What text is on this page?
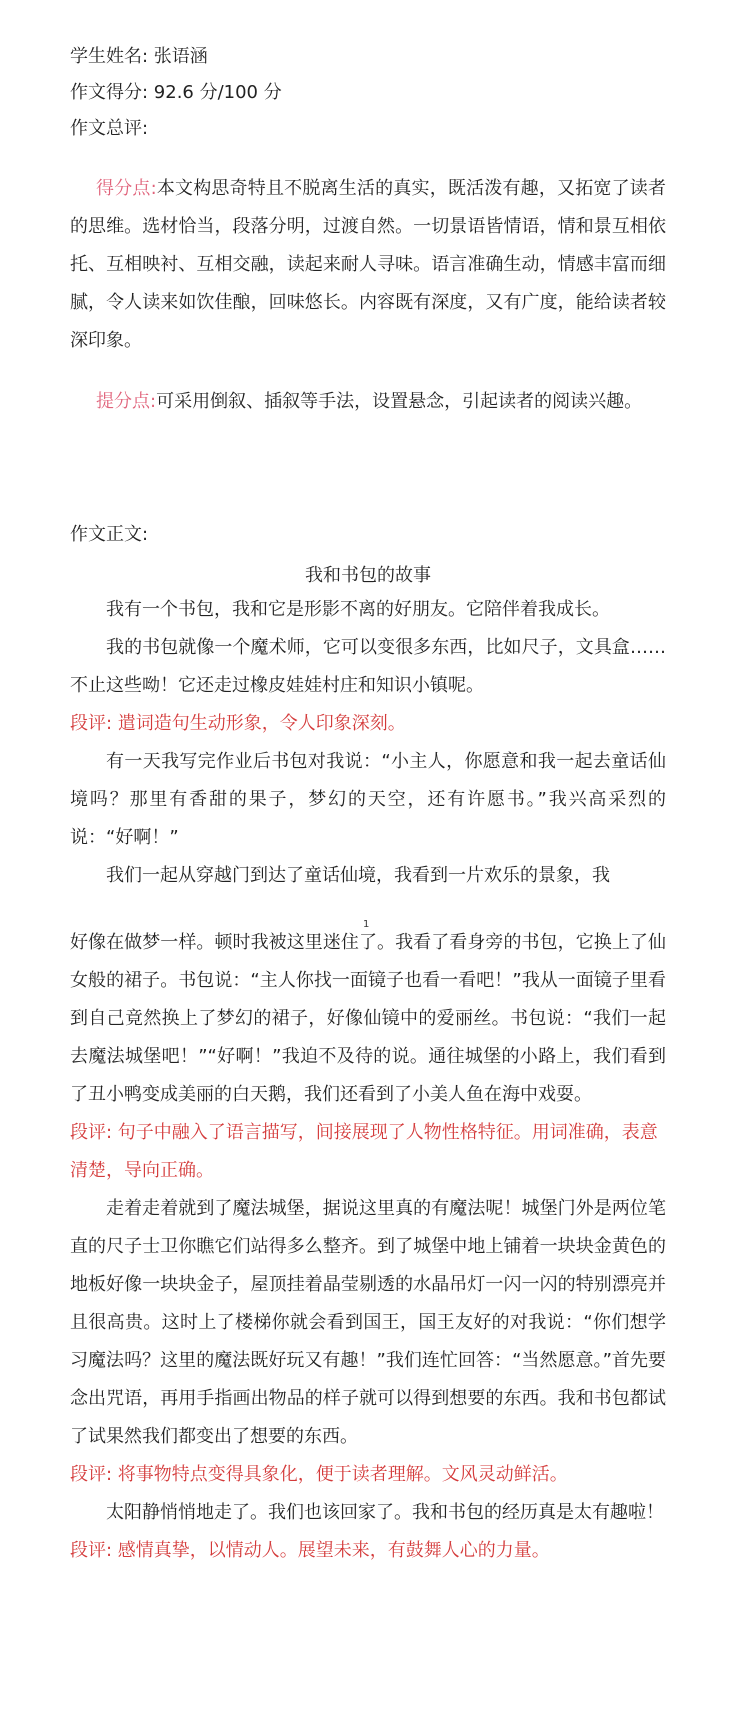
学生姓名: 张语涵
作文得分: 92.6 分/100 分
作文总评:
得分点:本文构思奇特且不脱离生活的真实，既活泼有趣，又拓宽了读者的思维。选材恰当，段落分明，过渡自然。一切景语皆情语，情和景互相依托、互相映衬、互相交融，读起来耐人寻味。语言准确生动，情感丰富而细腻，令人读来如饮佳酿，回味悠长。内容既有深度，又有广度，能给读者较深印象。
提分点:可采用倒叙、插叙等手法，设置悬念，引起读者的阅读兴趣。
作文正文:
我和书包的故事

我有一个书包，我和它是形影不离的好朋友。它陪伴着我成长。

我的书包就像一个魔术师，它可以变很多东西，比如尺子，文具盒……不止这些呦！它还走过橡皮娃娃村庄和知识小镇呢。

段评: 遣词造句生动形象，令人印象深刻。

有一天我写完作业后书包对我说：“小主人，你愿意和我一起去童话仙境吗？那里有香甜的果子，梦幻的天空，还有许愿书。”我兴高采烈的说：“好啊！”

我们一起从穿越门到达了童话仙境，我看到一片欢乐的景象，我

1

好像在做梦一样。顿时我被这里迷住了。我看了看身旁的书包，它换上了仙女般的裙子。书包说：“主人你找一面镜子也看一看吧！”我从一面镜子里看到自己竟然换上了梦幻的裙子，好像仙镜中的爱丽丝。书包说：“我们一起去魔法城堡吧！”“好啊！”我迫不及待的说。通往城堡的小路上，我们看到了丑小鸭变成美丽的白天鹅，我们还看到了小美人鱼在海中戏耍。

段评: 句子中融入了语言描写，间接展现了人物性格特征。用词准确，表意清楚，导向正确。

走着走着就到了魔法城堡，据说这里真的有魔法呢！城堡门外是两位笔直的尺子士卫你瞧它们站得多么整齐。到了城堡中地上铺着一块块金黄色的地板好像一块块金子，屋顶挂着晶莹剔透的水晶吊灯一闪一闪的特别漂亮并且很高贵。这时上了楼梯你就会看到国王，国王友好的对我说：“你们想学习魔法吗？这里的魔法既好玩又有趣！”我们连忙回答：“当然愿意。”首先要念出咒语，再用手指画出物品的样子就可以得到想要的东西。我和书包都试了试果然我们都变出了想要的东西。

段评: 将事物特点变得具象化，便于读者理解。文风灵动鲜活。

太阳静悄悄地走了。我们也该回家了。我和书包的经历真是太有趣啦！

段评: 感情真挚，以情动人。展望未来，有鼓舞人心的力量。
